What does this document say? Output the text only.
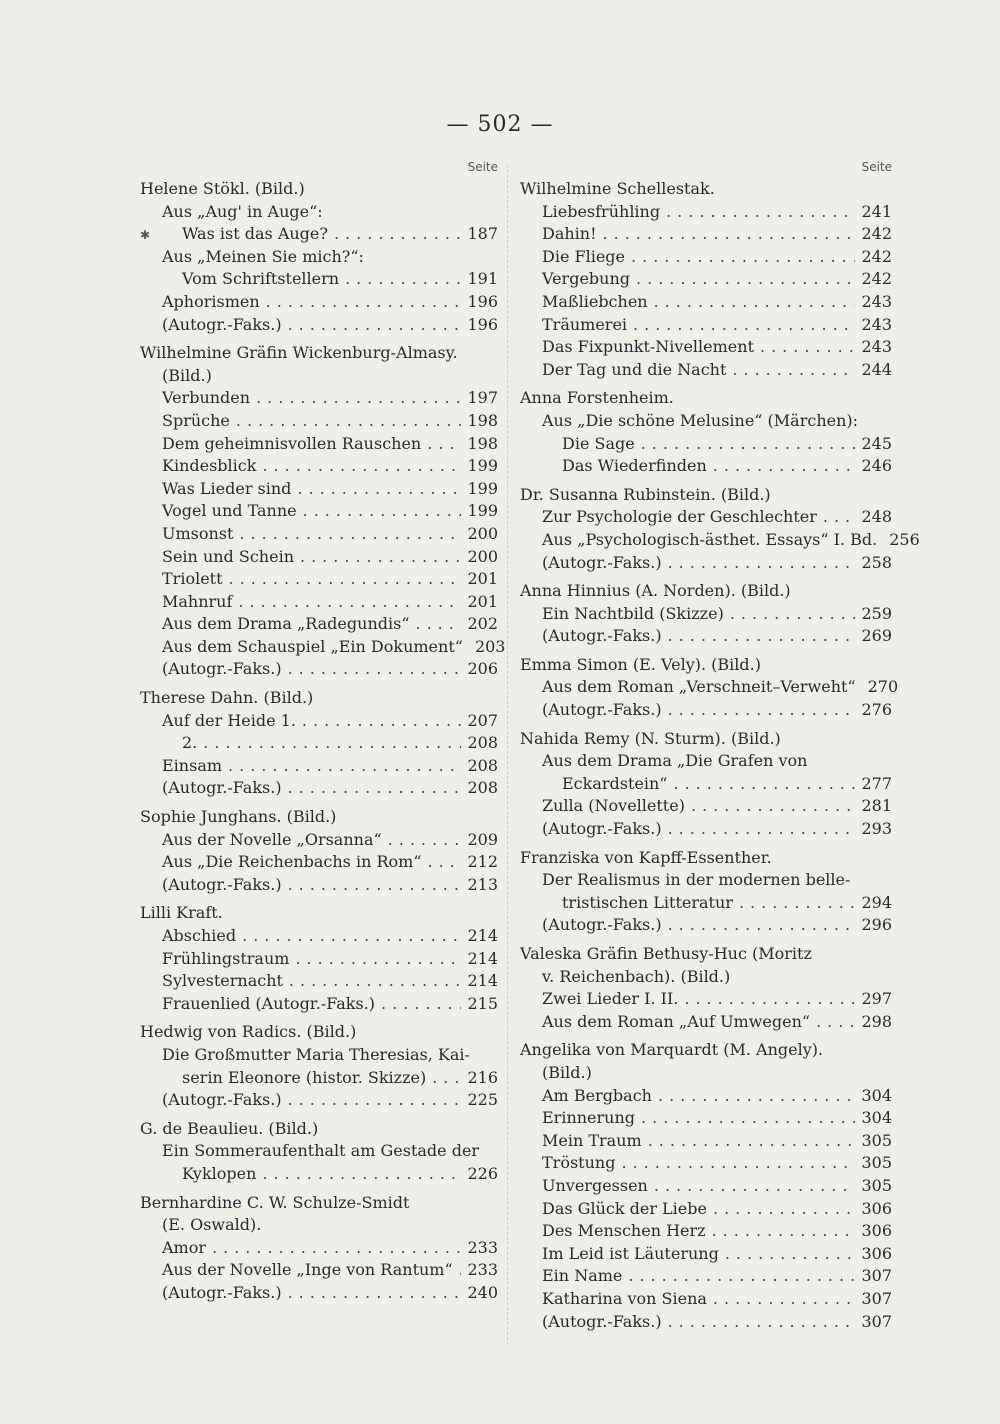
— 502 —
✱
Seite
Helene Stökl. (Bild.)
Aus „Aug' in Auge“:
Was ist das Auge? .....	187
Aus „Meinen Sie mich?“:
Vom Schriftstellern .....	191
Aphorismen .....	196
(Autogr.-Faks.) .....	196
Wilhelmine Gräfin Wickenburg-Almasy.
(Bild.)
Verbunden .....	197
Sprüche .....	198
Dem geheimnisvollen Rauschen .....	198
Kindesblick .....	199
Was Lieder sind .....	199
Vogel und Tanne .....	199
Umsonst .....	200
Sein und Schein .....	200
Triolett .....	201
Mahnruf .....	201
Aus dem Drama „Radegundis“ .....	202
Aus dem Schauspiel „Ein Dokument“ 203
(Autogr.-Faks.) .....	206
Therese Dahn. (Bild.)
Auf der Heide 1. .....	207
2. .....	208
Einsam .....	208
(Autogr.-Faks.) .....	208
Sophie Junghans. (Bild.)
Aus der Novelle „Orsanna“ .....	209
Aus „Die Reichenbachs in Rom“ .....	212
(Autogr.-Faks.) .....	213
Lilli Kraft.
Abschied .....	214
Frühlingstraum .....	214
Sylvesternacht .....	214
Frauenlied (Autogr.-Faks.) .....	215
Hedwig von Radics. (Bild.)
Die Großmutter Maria Theresias, Kai-
serin Eleonore (histor. Skizze) .....	216
(Autogr.-Faks.) .....	225
G. de Beaulieu. (Bild.)
Ein Sommeraufenthalt am Gestade der
Kyklopen .....	226
Bernhardine C. W. Schulze-Smidt
(E. Oswald).
Amor .....	233
Aus der Novelle „Inge von Rantum“ ..... 233
(Autogr.-Faks.) .....	240
Seite
Wilhelmine Schellestak.
Liebesfrühling .....	241
Dahin! .....	242
Die Fliege .....	242
Vergebung .....	242
Maßliebchen .....	243
Träumerei .....	243
Das Fixpunkt-Nivellement .....	243
Der Tag und die Nacht .....	244
Anna Forstenheim.
Aus „Die schöne Melusine“ (Märchen):
Die Sage .....	245
Das Wiederfinden .....	246
Dr. Susanna Rubinstein. (Bild.)
Zur Psychologie der Geschlechter .....	248
Aus „Psychologisch-ästhet. Essays“ I. Bd. 256
(Autogr.-Faks.) .....	258
Anna Hinnius (A. Norden). (Bild.)
Ein Nachtbild (Skizze) .....	259
(Autogr.-Faks.) .....	269
Emma Simon (E. Vely). (Bild.)
Aus dem Roman „Verschneit–Verweht“ 270
(Autogr.-Faks.) .....	276
Nahida Remy (N. Sturm). (Bild.)
Aus dem Drama „Die Grafen von
Eckardstein“ .....	277
Zulla (Novellette) .....	281
(Autogr.-Faks.) .....	293
Franziska von Kapff-Essenther.
Der Realismus in der modernen belle-
tristischen Litteratur .....	294
(Autogr.-Faks.) .....	296
Valeska Gräfin Bethusy-Huc (Moritz
v. Reichenbach). (Bild.)
Zwei Lieder I. II. .....	297
Aus dem Roman „Auf Umwegen“ .....	298
Angelika von Marquardt (M. Angely).
(Bild.)
Am Bergbach .....	304
Erinnerung .....	304
Mein Traum .....	305
Tröstung .....	305
Unvergessen .....	305
Das Glück der Liebe .....	306
Des Menschen Herz .....	306
Im Leid ist Läuterung .....	306
Ein Name .....	307
Katharina von Siena .....	307
(Autogr.-Faks.) .....	307
